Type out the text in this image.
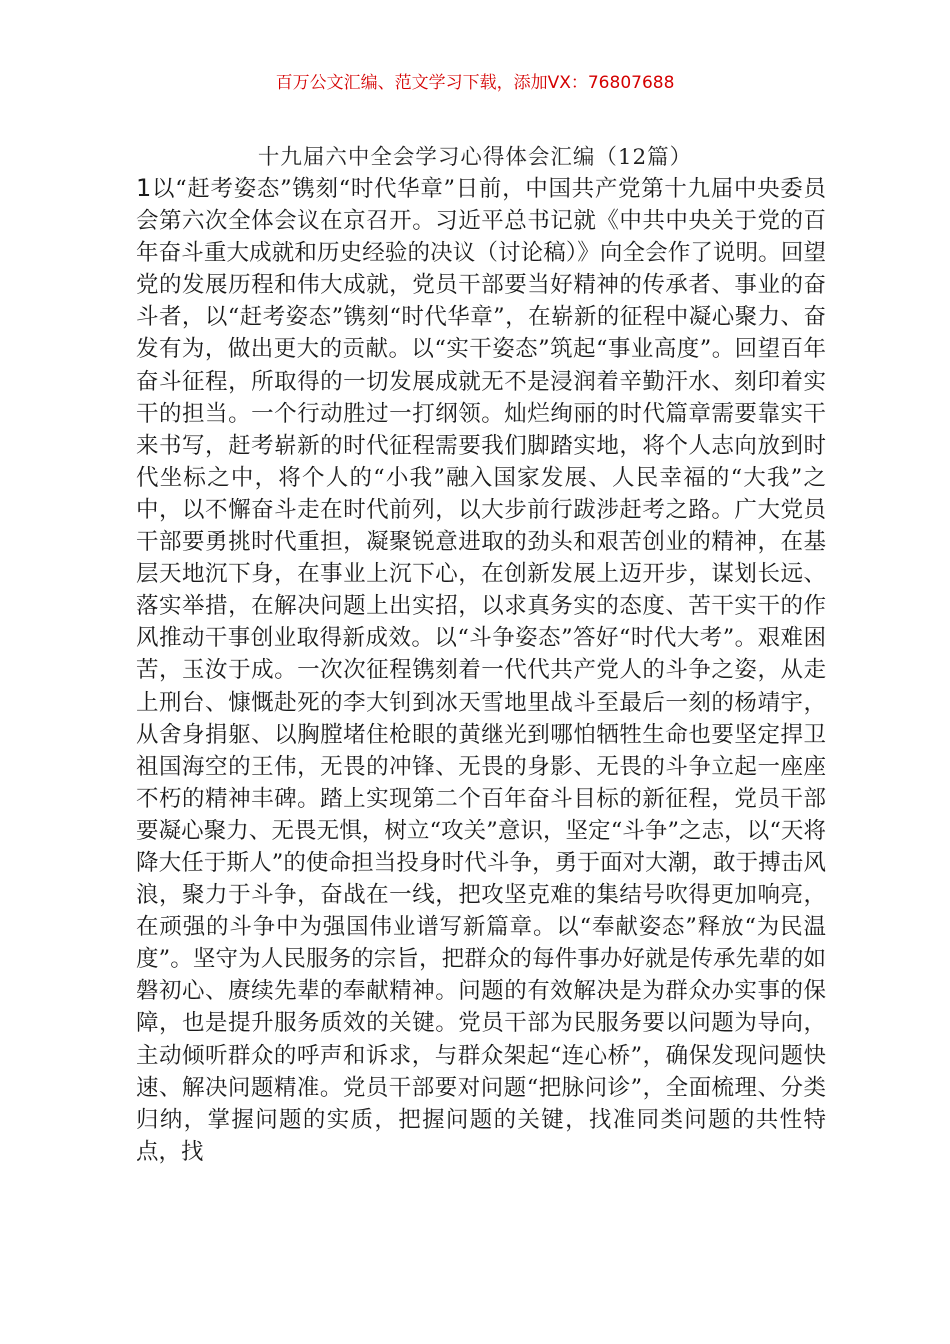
百万公文汇编、范文学习下载，添加VX：76807688
十九届六中全会学习心得体会汇编（12篇）

1以“赶考姿态”镌刻“时代华章”日前，中国共产党第十九届中央委员会第六次全体会议在京召开。习近平总书记就《中共中央关于党的百年奋斗重大成就和历史经验的决议（讨论稿）》向全会作了说明。回望党的发展历程和伟大成就，党员干部要当好精神的传承者、事业的奋斗者，以“赶考姿态”镌刻“时代华章”，在崭新的征程中凝心聚力、奋发有为，做出更大的贡献。以“实干姿态”筑起“事业高度”。回望百年奋斗征程，所取得的一切发展成就无不是浸润着辛勤汗水、刻印着实干的担当。一个行动胜过一打纲领。灿烂绚丽的时代篇章需要靠实干来书写，赶考崭新的时代征程需要我们脚踏实地，将个人志向放到时代坐标之中，将个人的“小我”融入国家发展、人民幸福的“大我”之中，以不懈奋斗走在时代前列，以大步前行跋涉赶考之路。广大党员干部要勇挑时代重担，凝聚锐意进取的劲头和艰苦创业的精神，在基层天地沉下身，在事业上沉下心，在创新发展上迈开步，谋划长远、落实举措，在解决问题上出实招，以求真务实的态度、苦干实干的作风推动干事创业取得新成效。以“斗争姿态”答好“时代大考”。艰难困苦，玉汝于成。一次次征程镌刻着一代代共产党人的斗争之姿，从走上刑台、慷慨赴死的李大钊到冰天雪地里战斗至最后一刻的杨靖宇，从舍身捐躯、以胸膛堵住枪眼的黄继光到哪怕牺牲生命也要坚定捍卫祖国海空的王伟，无畏的冲锋、无畏的身影、无畏的斗争立起一座座不朽的精神丰碑。踏上实现第二个百年奋斗目标的新征程，党员干部要凝心聚力、无畏无惧，树立“攻关”意识，坚定“斗争”之志，以“天将降大任于斯人”的使命担当投身时代斗争，勇于面对大潮，敢于搏击风浪，聚力于斗争，奋战在一线，把攻坚克难的集结号吹得更加响亮，在顽强的斗争中为强国伟业谱写新篇章。以“奉献姿态”释放“为民温度”。坚守为人民服务的宗旨，把群众的每件事办好就是传承先辈的如磐初心、赓续先辈的奉献精神。问题的有效解决是为群众办实事的保障，也是提升服务质效的关键。党员干部为民服务要以问题为导向，主动倾听群众的呼声和诉求，与群众架起“连心桥”，确保发现问题快速、解决问题精准。党员干部要对问题“把脉问诊”，全面梳理、分类归纳，掌握问题的实质，把握问题的关键，找准同类问题的共性特点，找
